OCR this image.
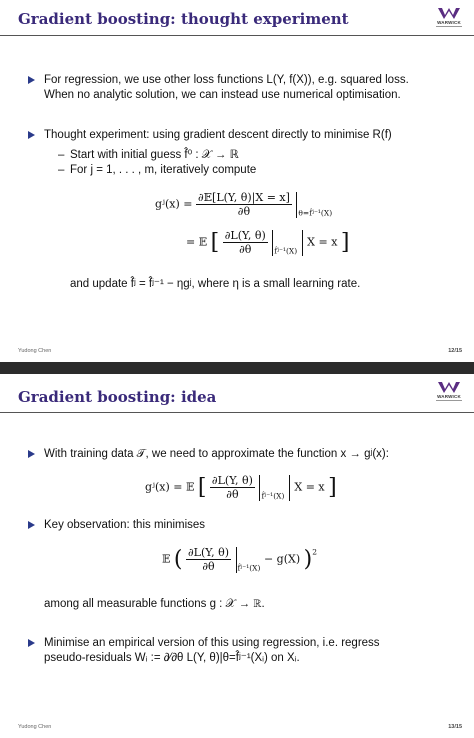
Gradient boosting: thought experiment	WARWICK
For regression, we use other loss functions L(Y, f(X)), e.g. squared loss.
When no analytic solution, we can instead use numerical optimisation.
Thought experiment: using gradient descent directly to minimise R(f)
– Start with initial guess f̂⁰ : 𝒳 → ℝ
– For j = 1, . . . , m, iteratively compute
gʲ(x) = $\frac{\text{∂𝔼[L(Y, θ)|X = x]}}{\partial\theta} _{\theta=f̂ʲ^{-1}(X)}$
= 𝔼 [ $\frac{\partial L(Y, \theta)}{\partial\theta} _{f̂ʲ^{-1}(X)}$  X = x ]
and update f̂ʲ = f̂ʲ⁻¹ − ηgʲ, where η is a small learning rate.
Yudong Chen	12/15
Gradient boosting: idea	WARWICK
With training data 𝒯, we need to approximate the function x → gʲ(x):
gʲ(x) = 𝔼 [ $\frac{\partial L(Y, \theta)}{\partial\theta} _{f̂ʲ^{-1}(X)}$  X = x ]
Key observation: this minimises
𝔼 ( $\frac{\partial L(Y, \theta)}{\partial\theta} _{f̂ʲ^{-1}(X)} - g(X)$ )$^2$
among all measurable functions g : 𝒳 → ℝ.
Minimise an empirical version of this using regression, i.e. regress
pseudo-residuals Wᵢ := ∂⁄∂θ L(Y, θ)|θ=f̂ʲ⁻¹(Xᵢ) on Xᵢ.
Yudong Chen	13/15
